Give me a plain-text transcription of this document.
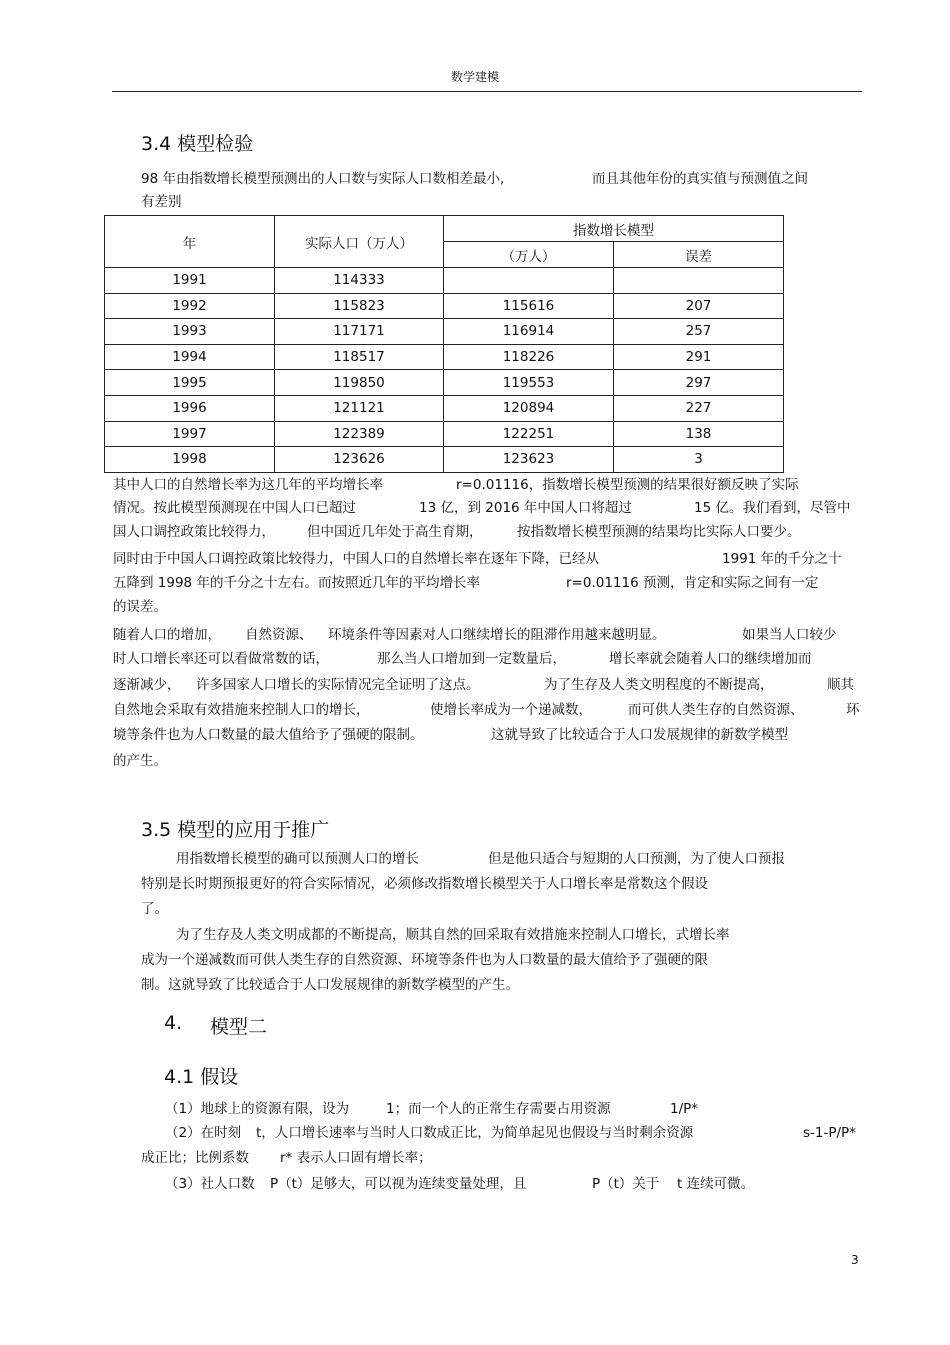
数学建模
3.4 模型检验
98 年由指数增长模型预测出的人口数与实际人口数相差最小,	而且其他年份的真实值与预测值之间
有差别
年	实际人口（万人）	指数增长模型	
		（万人）	误差
1991	114333		
1992	115823	115616	207
1993	117171	116914	257
1994	118517	118226	291
1995	119850	119553	297
1996	121121	120894	227
1997	122389	122251	138
1998	123626	123623	3
其中人口的自然增长率为这几年的平均增长率	r=0.01116，指数增长模型预测的结果很好额反映了实际
情况。按此模型预测现在中国人口已超过	13 亿，到 2016 年中国人口将超过	15 亿。我们看到，尽管中
国人口调控政策比较得力， 但中国近几年处于高生育期，	按指数增长模型预测的结果均比实际人口要少。
同时由于中国人口调控政策比较得力，中国人口的自然增长率在逐年下降，已经从	1991 年的千分之十
五降到 1998 年的千分之十左右。而按照近几年的平均增长率	r=0.01116 预测，肯定和实际之间有一定
的误差。
随着人口的增加， 自然资源、 环境条件等因素对人口继续增长的阻滞作用越来越明显。	如果当人口较少
时人口增长率还可以看做常数的话，	那么当人口增加到一定数量后，	增长率就会随着人口的继续增加而
逐渐减少， 许多国家人口增长的实际情况完全证明了这点。	为了生存及人类文明程度的不断提高，	顺其
自然地会采取有效措施来控制人口的增长，	使增长率成为一个递减数，	而可供人类生存的自然资源、	环
境等条件也为人口数量的最大值给予了强硬的限制。	这就导致了比较适合于人口发展规律的新数学模型
的产生。
3.5 模型的应用于推广
用指数增长模型的确可以预测人口的增长	但是他只适合与短期的人口预测，为了使人口预报
特别是长时期预报更好的符合实际情况，必须修改指数增长模型关于人口增长率是常数这个假设
了。
为了生存及人类文明成都的不断提高，顺其自然的回采取有效措施来控制人口增长，式增长率
成为一个递减数而可供人类生存的自然资源、环境等条件也为人口数量的最大值给予了强硬的限
制。这就导致了比较适合于人口发展规律的新数学模型的产生。
4. 模型二
4.1 假设
（1）地球上的资源有限，设为	1；而一个人的正常生存需要占用资源	1/P*
（2）在时刻 t，人口增长速率与当时人口数成正比，为简单起见也假设与当时剩余资源	s-1-P/P*
成正比；比例系数 r* 表示人口固有增长率；
（3）社人口数 P（t）足够大，可以视为连续变量处理，且	P（t）关于 t 连续可微。
3
